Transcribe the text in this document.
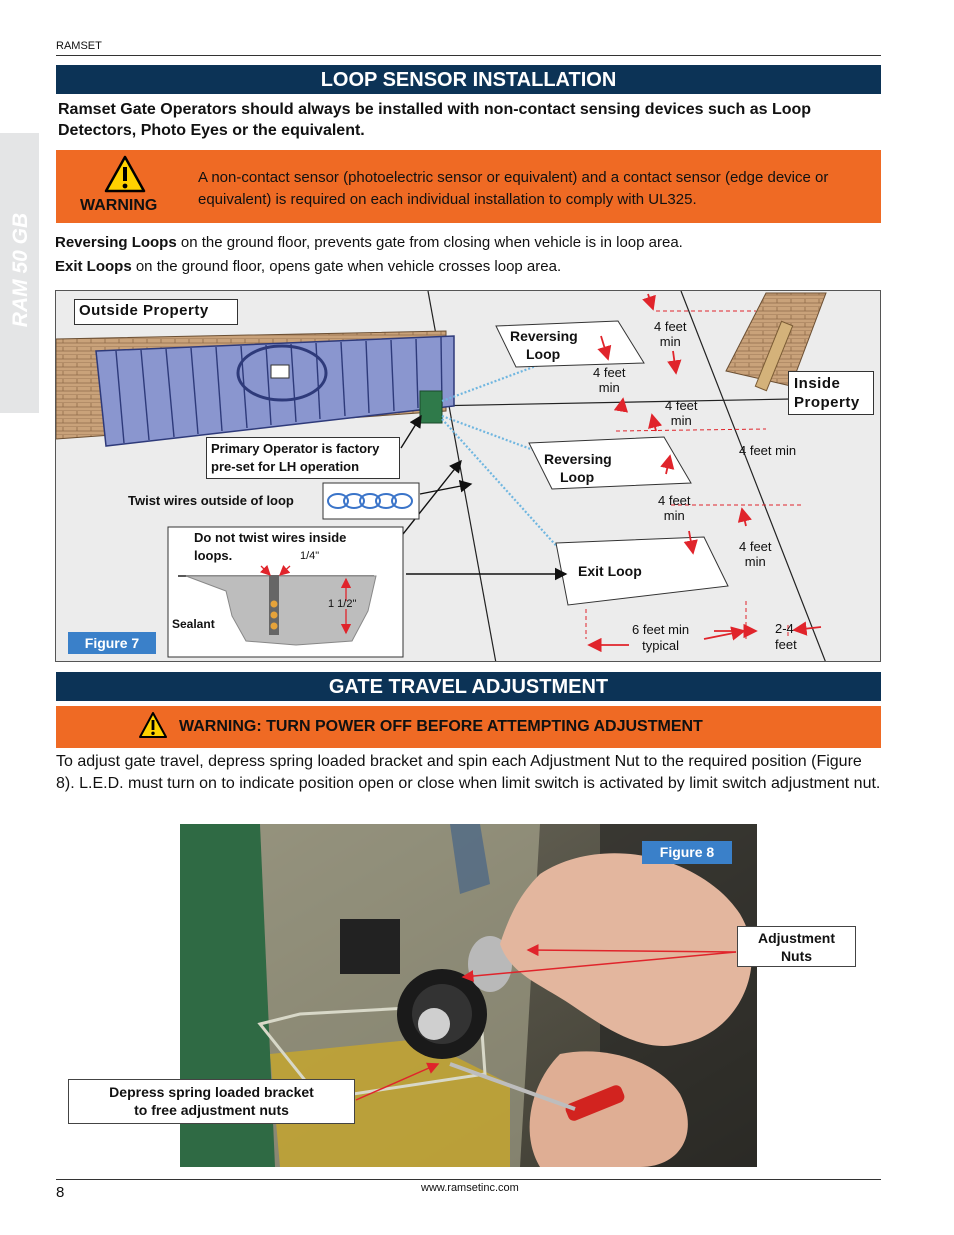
RAMSET
RAM 50 GB
LOOP SENSOR INSTALLATION
Ramset Gate Operators should always be installed with non-contact sensing devices such as Loop Detectors, Photo Eyes or the equivalent.
WARNING
A non-contact sensor (photoelectric sensor or equivalent) and a contact sensor (edge device or equivalent) is required on each individual installation to comply with UL325.
Reversing Loops on the ground floor, prevents gate from closing when vehicle is in loop area.
Exit Loops on the ground floor, opens gate when vehicle crosses loop area.
Outside Property
Inside
Property
Reversing
Loop
Reversing
Loop
Exit Loop
Primary Operator is factory
pre-set for LH operation
Twist wires outside of loop
Do not twist wires inside
loops.	1/4"
1 1/2"
Sealant
4 feet
min
4 feet
min
4 feet
min
4 feet min
4 feet
min
4 feet
min
6 feet min
typical
2-4
feet
Figure 7
GATE TRAVEL ADJUSTMENT
WARNING: TURN POWER OFF BEFORE ATTEMPTING ADJUSTMENT
To adjust gate travel, depress spring loaded bracket and spin each Adjustment Nut to the required position (Figure 8). L.E.D. must turn on to indicate position open or close when limit switch is activated by limit switch adjustment nut.
Figure 8
Adjustment
Nuts
Depress spring loaded bracket
to free adjustment nuts
8	www.ramsetinc.com
